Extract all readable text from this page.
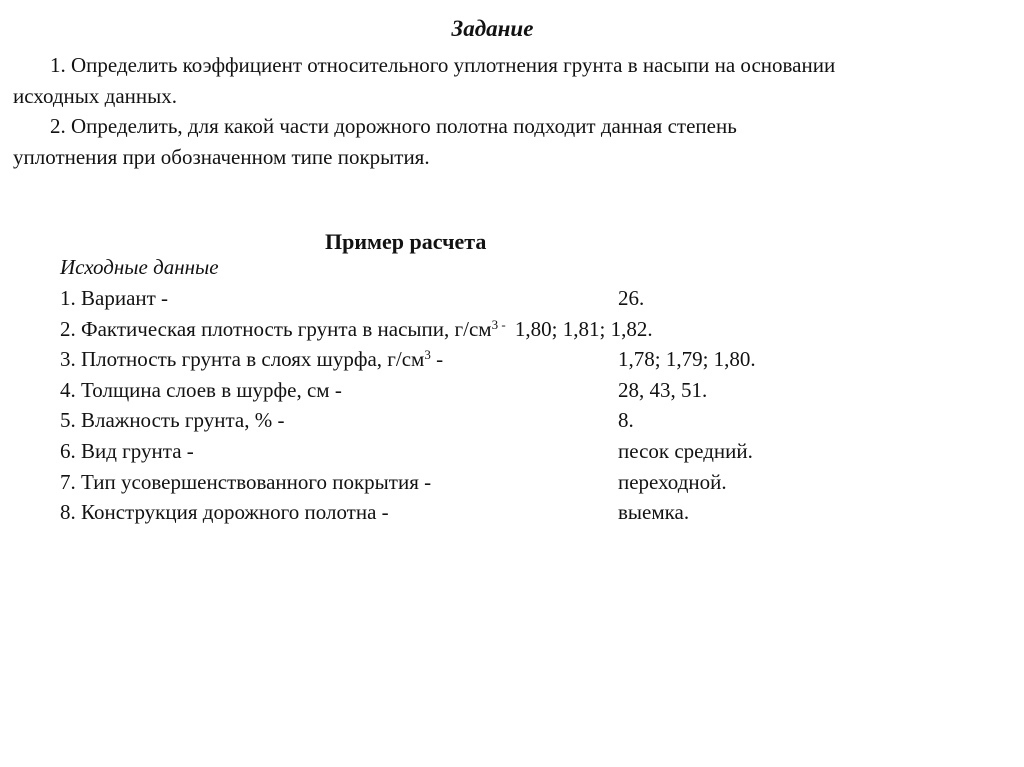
Задание
1. Определить коэффициент относительного уплотнения грунта в насыпи на основании
исходных данных.
2. Определить, для какой части дорожного полотна подходит данная степень
уплотнения при обозначенном типе покрытия.
Пример расчета
Исходные данные
1. Вариант -	26.
2. Фактическая плотность грунта в насыпи, $г/см^{3 -}$ 1,80; 1,81; 1,82.
3. Плотность грунта в слоях шурфа, $г/см^3$ -	1,78; 1,79; 1,80.
4. Толщина слоев в шурфе, см -	28, 43, 51.
5. Влажность грунта, % -	8.
6. Вид грунта -	песок средний.
7. Тип усовершенствованного покрытия -	переходной.
8. Конструкция дорожного полотна -	выемка.
